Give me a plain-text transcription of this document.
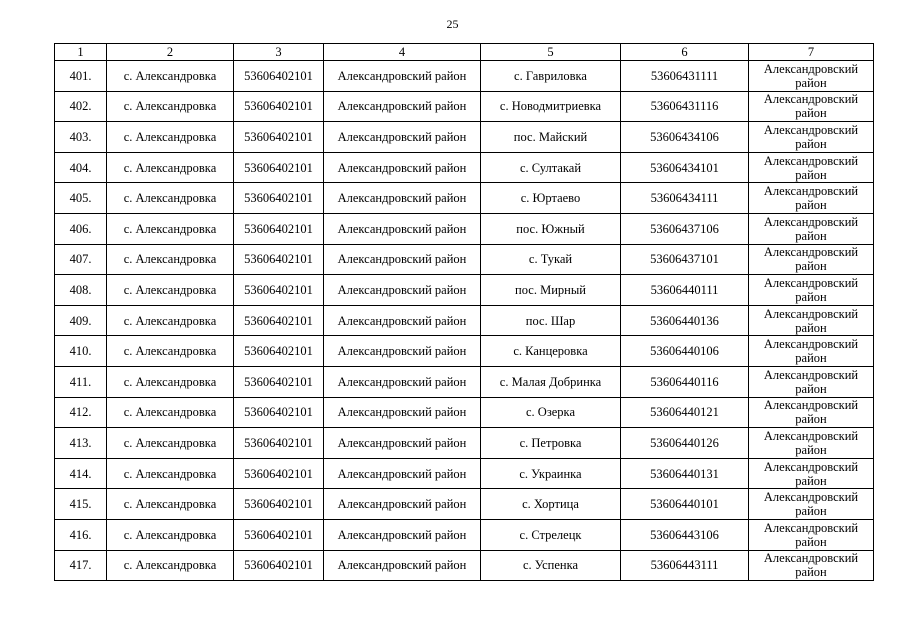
25
1	2	3	4	5	6	7
401.	с. Александровка	53606402101	Александровский район	с. Гавриловка	53606431111	Александровский район
402.	с. Александровка	53606402101	Александровский район	с. Новодмитриевка	53606431116	Александровский район
403.	с. Александровка	53606402101	Александровский район	пос. Майский	53606434106	Александровский район
404.	с. Александровка	53606402101	Александровский район	с. Султакай	53606434101	Александровский район
405.	с. Александровка	53606402101	Александровский район	с. Юртаево	53606434111	Александровский район
406.	с. Александровка	53606402101	Александровский район	пос. Южный	53606437106	Александровский район
407.	с. Александровка	53606402101	Александровский район	с. Тукай	53606437101	Александровский район
408.	с. Александровка	53606402101	Александровский район	пос. Мирный	53606440111	Александровский район
409.	с. Александровка	53606402101	Александровский район	пос. Шар	53606440136	Александровский район
410.	с. Александровка	53606402101	Александровский район	с. Канцеровка	53606440106	Александровский район
411.	с. Александровка	53606402101	Александровский район	с. Малая Добринка	53606440116	Александровский район
412.	с. Александровка	53606402101	Александровский район	с. Озерка	53606440121	Александровский район
413.	с. Александровка	53606402101	Александровский район	с. Петровка	53606440126	Александровский район
414.	с. Александровка	53606402101	Александровский район	с. Украинка	53606440131	Александровский район
415.	с. Александровка	53606402101	Александровский район	с. Хортица	53606440101	Александровский район
416.	с. Александровка	53606402101	Александровский район	с. Стрелецк	53606443106	Александровский район
417.	с. Александровка	53606402101	Александровский район	с. Успенка	53606443111	Александровский район
